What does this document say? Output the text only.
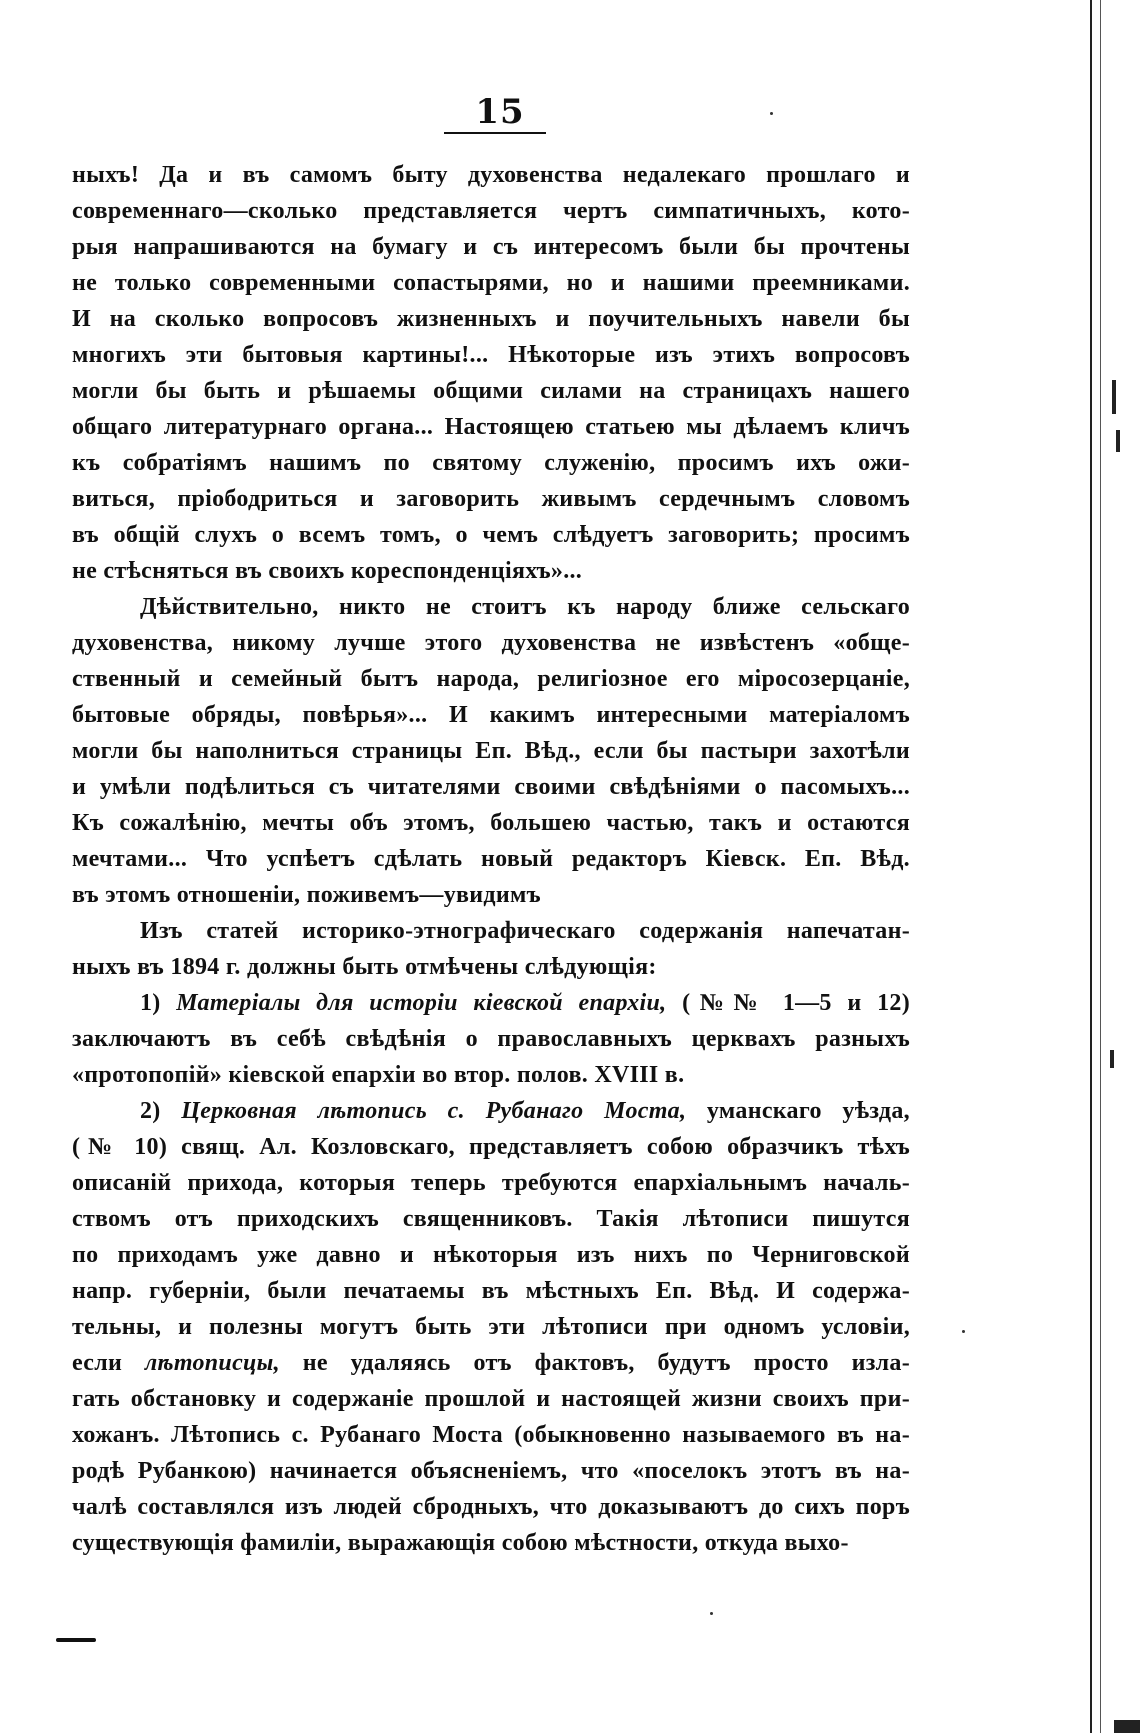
15
ныхъ! Да и въ самомъ быту духовенства недалекаго прошлаго и
современнаго—сколько представляется чертъ симпатичныхъ, кото-
рыя напрашиваются на бумагу и съ интересомъ были бы прочтены
не только современными сопастырями, но и нашими преемниками.
И на сколько вопросовъ жизненныхъ и поучительныхъ навели бы
многихъ эти бытовыя картины!... Нѣкоторые изъ этихъ вопросовъ
могли бы быть и рѣшаемы общими силами на страницахъ нашего
общаго литературнаго органа... Настоящею статьею мы дѣлаемъ кличъ
къ собратіямъ нашимъ по святому служенію, просимъ ихъ ожи-
виться, пріободриться и заговорить живымъ сердечнымъ словомъ
въ общій слухъ о всемъ томъ, о чемъ слѣдуетъ заговорить; просимъ
не стѣсняться въ своихъ кореспонденціяхъ»...
Дѣйствительно, никто не стоитъ къ народу ближе сельскаго
духовенства, никому лучше этого духовенства не извѣстенъ «обще-
ственный и семейный бытъ народа, религіозное его міросозерцаніе,
бытовые обряды, повѣрья»... И какимъ интересными матеріаломъ
могли бы наполниться страницы Еп. Вѣд., если бы пастыри захотѣли
и умѣли подѣлиться съ читателями своими свѣдѣніями о пасомыхъ...
Къ сожалѣнію, мечты объ этомъ, большею частью, такъ и остаются
мечтами... Что успѣетъ сдѣлать новый редакторъ Кіевск. Еп. Вѣд.
въ этомъ отношеніи, поживемъ—увидимъ
Изъ статей историко-этнографическаго содержанія напечатан-
ныхъ въ 1894 г. должны быть отмѣчены слѣдующія:
1) Матеріалы для исторіи кіевской епархіи, (№№ 1—5 и 12)
заключаютъ въ себѣ свѣдѣнія о православныхъ церквахъ разныхъ
«протопопій» кіевской епархіи во втор. полов. XVIII в.
2) Церковная лѣтопись с. Рубанаго Моста, уманскаго уѣзда,
(№ 10) свящ. Ал. Козловскаго, представляетъ собою образчикъ тѣхъ
описаній прихода, которыя теперь требуются епархіальнымъ началь-
ствомъ отъ приходскихъ священниковъ. Такія лѣтописи пишутся
по приходамъ уже давно и нѣкоторыя изъ нихъ по Черниговской
напр. губерніи, были печатаемы въ мѣстныхъ Еп. Вѣд. И содержа-
тельны, и полезны могутъ быть эти лѣтописи при одномъ условіи,
если лѣтописцы, не удаляясь отъ фактовъ, будутъ просто изла-
гать обстановку и содержаніе прошлой и настоящей жизни своихъ при-
хожанъ. Лѣтопись с. Рубанаго Моста (обыкновенно называемого въ на-
родѣ Рубанкою) начинается объясненіемъ, что «поселокъ этотъ въ на-
чалѣ составлялся изъ людей сбродныхъ, что доказываютъ до сихъ поръ
существующія фамиліи, выражающія собою мѣстности, откуда выхо-
